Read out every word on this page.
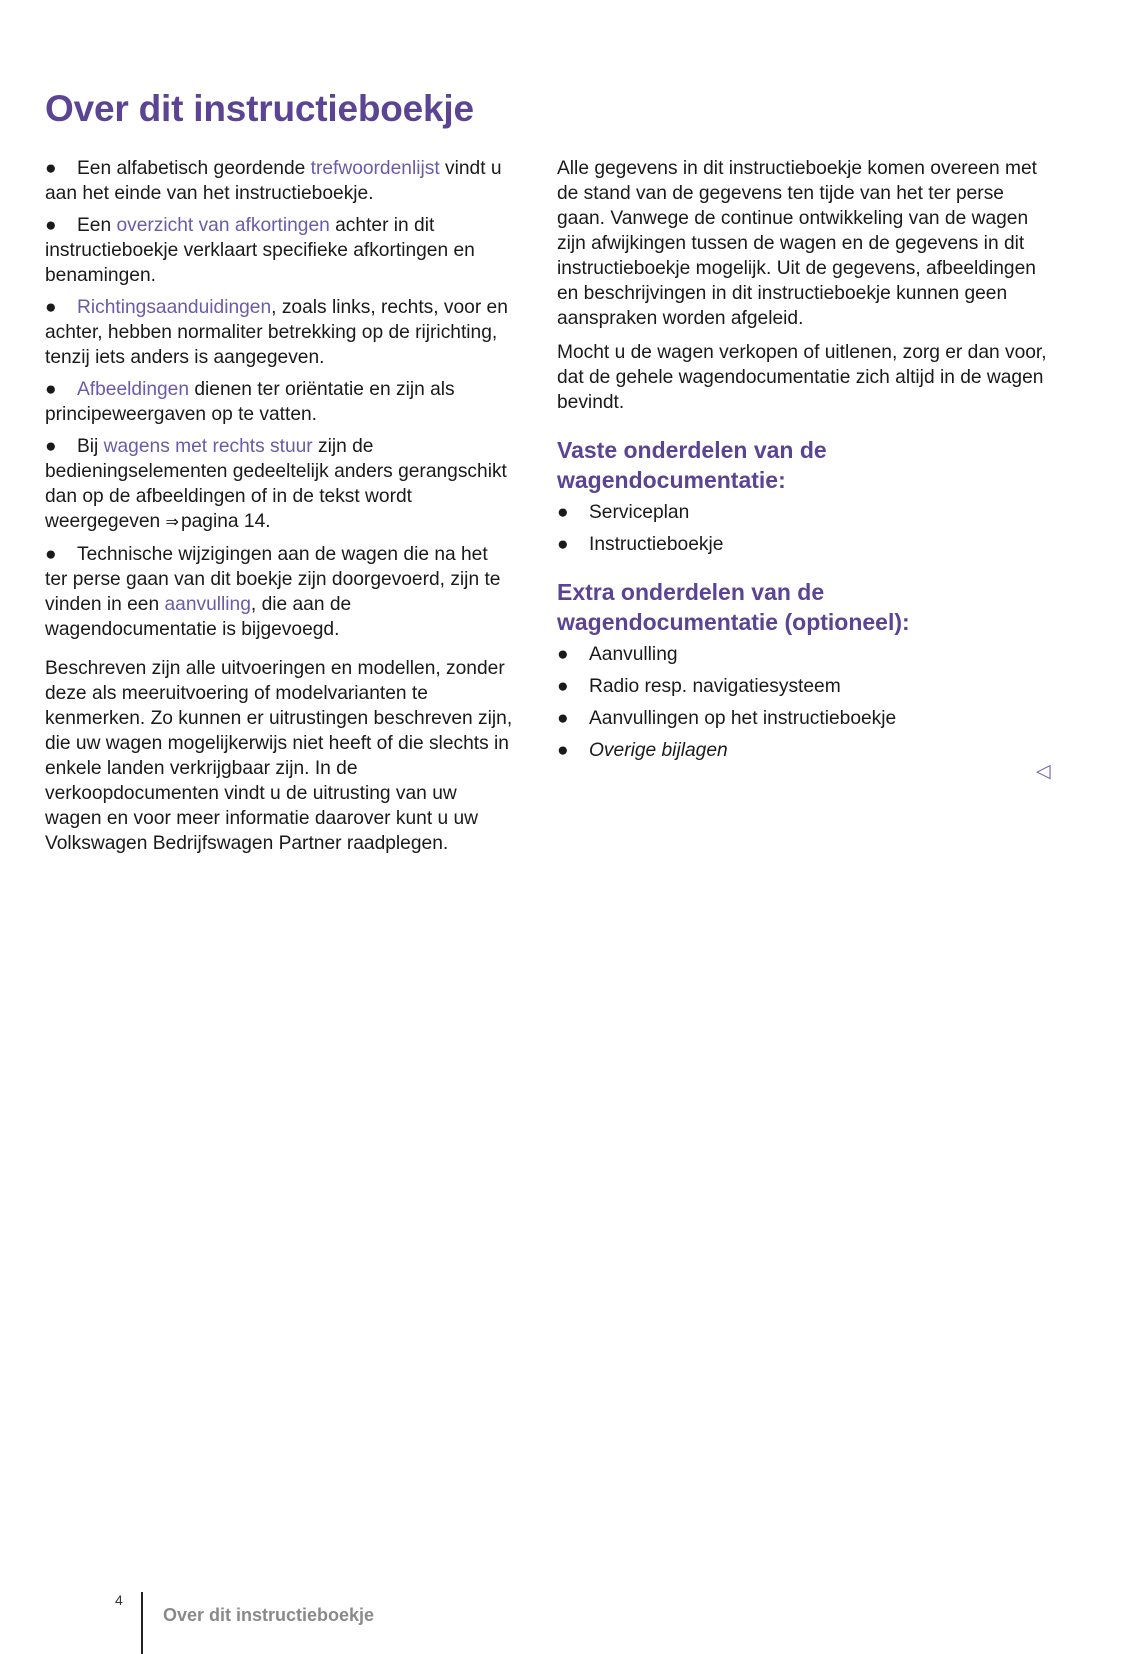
Over dit instructieboekje

● Een alfabetisch geordende trefwoordenlijst vindt u aan het einde van het instructieboekje.

● Een overzicht van afkortingen achter in dit instructieboekje verklaart specifieke afkortingen en benamingen.

● Richtingsaanduidingen, zoals links, rechts, voor en achter, hebben normaliter betrekking op de rijrichting, tenzij iets anders is aangegeven.

● Afbeeldingen dienen ter oriëntatie en zijn als principeweergaven op te vatten.

● Bij wagens met rechts stuur zijn de bedieningselementen gedeeltelijk anders gerangschikt dan op de afbeeldingen of in de tekst wordt weergegeven ⇒ pagina 14.

● Technische wijzigingen aan de wagen die na het ter perse gaan van dit boekje zijn doorgevoerd, zijn te vinden in een aanvulling, die aan de wagendocumentatie is bijgevoegd.

Beschreven zijn alle uitvoeringen en modellen, zonder deze als meeruitvoering of modelvarianten te kenmerken. Zo kunnen er uitrustingen beschreven zijn, die uw wagen mogelijkerwijs niet heeft of die slechts in enkele landen verkrijgbaar zijn. In de verkoopdocumenten vindt u de uitrusting van uw wagen en voor meer informatie daarover kunt u uw Volkswagen Bedrijfswagen Partner raadplegen.

Alle gegevens in dit instructieboekje komen overeen met de stand van de gegevens ten tijde van het ter perse gaan. Vanwege de continue ontwikkeling van de wagen zijn afwijkingen tussen de wagen en de gegevens in dit instructieboekje mogelijk. Uit de gegevens, afbeeldingen en beschrijvingen in dit instructieboekje kunnen geen aanspraken worden afgeleid.

Mocht u de wagen verkopen of uitlenen, zorg er dan voor, dat de gehele wagendocumentatie zich altijd in de wagen bevindt.

Vaste onderdelen van de wagendocumentatie:
● Serviceplan
● Instructieboekje
Extra onderdelen van de wagendocumentatie (optioneel):
● Aanvulling
● Radio resp. navigatiesysteem
● Aanvullingen op het instructieboekje
● Overige bijlagen
◁
4
Over dit instructieboekje
